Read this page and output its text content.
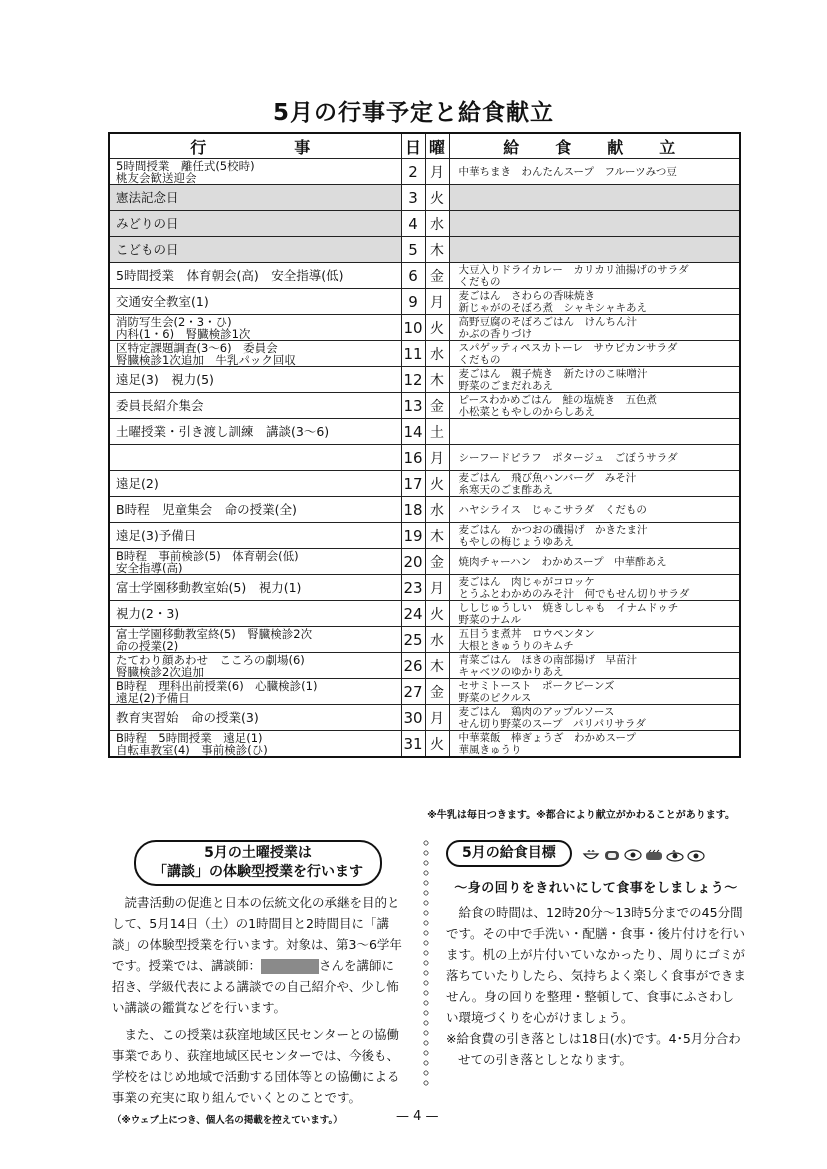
5月の行事予定と給食献立
行　　　事	日	曜	給　食　献　立

5時間授業　離任式(5校時)
桃友会歓送迎会	2	月	中華ちまき　わんたんスープ　フルーツみつ豆

憲法記念日	3	火	

みどりの日	4	水	

こどもの日	5	木	

5時間授業　体育朝会(高)　安全指導(低)	6	金	大豆入りドライカレー　カリカリ油揚げのサラダ
くだもの

交通安全教室(1)	9	月	麦ごはん　さわらの香味焼き
新じゃがのそぼろ煮　シャキシャキあえ

消防写生会(2・3・ひ)
内科(1・6)　腎臓検診1次	10	火	高野豆腐のそぼろごはん　けんちん汁
かぶの香りづけ

区特定課題調査(3〜6)　委員会
腎臓検診1次追加　牛乳パック回収	11	水	スパゲッティペスカトーレ　サウピカンサラダ
くだもの

遠足(3)　視力(5)	12	木	麦ごはん　親子焼き　新たけのこ味噌汁
野菜のごまだれあえ

委員長紹介集会	13	金	ピースわかめごはん　鮭の塩焼き　五色煮
小松菜ともやしのからしあえ

土曜授業・引き渡し訓練　講談(3〜6)	14	土	
	16	月	シーフードピラフ　ポタージュ　ごぼうサラダ

遠足(2)	17	火	麦ごはん　飛び魚ハンバーグ　みそ汁
糸寒天のごま酢あえ

B時程　児童集会　命の授業(全)	18	水	ハヤシライス　じゃこサラダ　くだもの

遠足(3)予備日	19	木	麦ごはん　かつおの磯揚げ　かきたま汁
もやしの梅じょうゆあえ

B時程　事前検診(5)　体育朝会(低)
安全指導(高)	20	金	焼肉チャーハン　わかめスープ　中華酢あえ

富士学園移動教室始(5)　視力(1)	23	月	麦ごはん　肉じゃがコロッケ
とうふとわかめのみそ汁　何でもせん切りサラダ

視力(2・3)	24	火	ししじゅうしい　焼きししゃも　イナムドゥチ
野菜のナムル

富士学園移動教室終(5)　腎臓検診2次
命の授業(2)	25	水	五目うま煮丼　ロウペンタン
大根ときゅうりのキムチ

たてわり顔あわせ　こころの劇場(6)
腎臓検診2次追加	26	木	青菜ごはん　ほきの南部揚げ　早苗汁
キャベツのゆかりあえ

B時程　理科出前授業(6)　心臓検診(1)
遠足(2)予備日	27	金	セサミトースト　ポークビーンズ
野菜のピクルス

教育実習始　命の授業(3)	30	月	麦ごはん　鶏肉のアップルソース
せん切り野菜のスープ　パリパリサラダ

B時程　5時間授業　遠足(1)
自転車教室(4)　事前検診(ひ)	31	火	中華菜飯　棒ぎょうざ　わかめスープ
華風きゅうり
※牛乳は毎日つきます。※都合により献立がかわることがあります。
5月の土曜授業は
「講談」の体験型授業を行います

読書活動の促進と日本の伝統文化の承継を目的として、5月14日（土）の1時間目と2時間目に「講談」の体験型授業を行います。対象は、第3〜6学年です。授業では、講談師：	さんを講師に招き、学級代表による講談での自己紹介や、少し怖い講談の鑑賞などを行います。

また、この授業は荻窪地域区民センターとの協働事業であり、荻窪地域区民センターでは、今後も、学校をはじめ地域で活動する団体等との協働による事業の充実に取り組んでいくとのことです。

5月の給食目標
〜身の回りをきれいにして食事をしましょう〜

給食の時間は、12時20分〜13時5分までの45分間です。その中で手洗い・配膳・食事・後片付けを行います。机の上が片付いていなかったり、周りにゴミが落ちていたりしたら、気持ちよく楽しく食事ができません。身の回りを整理・整頓して、食事にふさわしい環境づくりを心がけましょう。

※給食費の引き落としは18日(水)です。4･5月分合わせての引き落としとなります。

（※ウェブ上につき、個人名の掲載を控えています。）	— 4 —
